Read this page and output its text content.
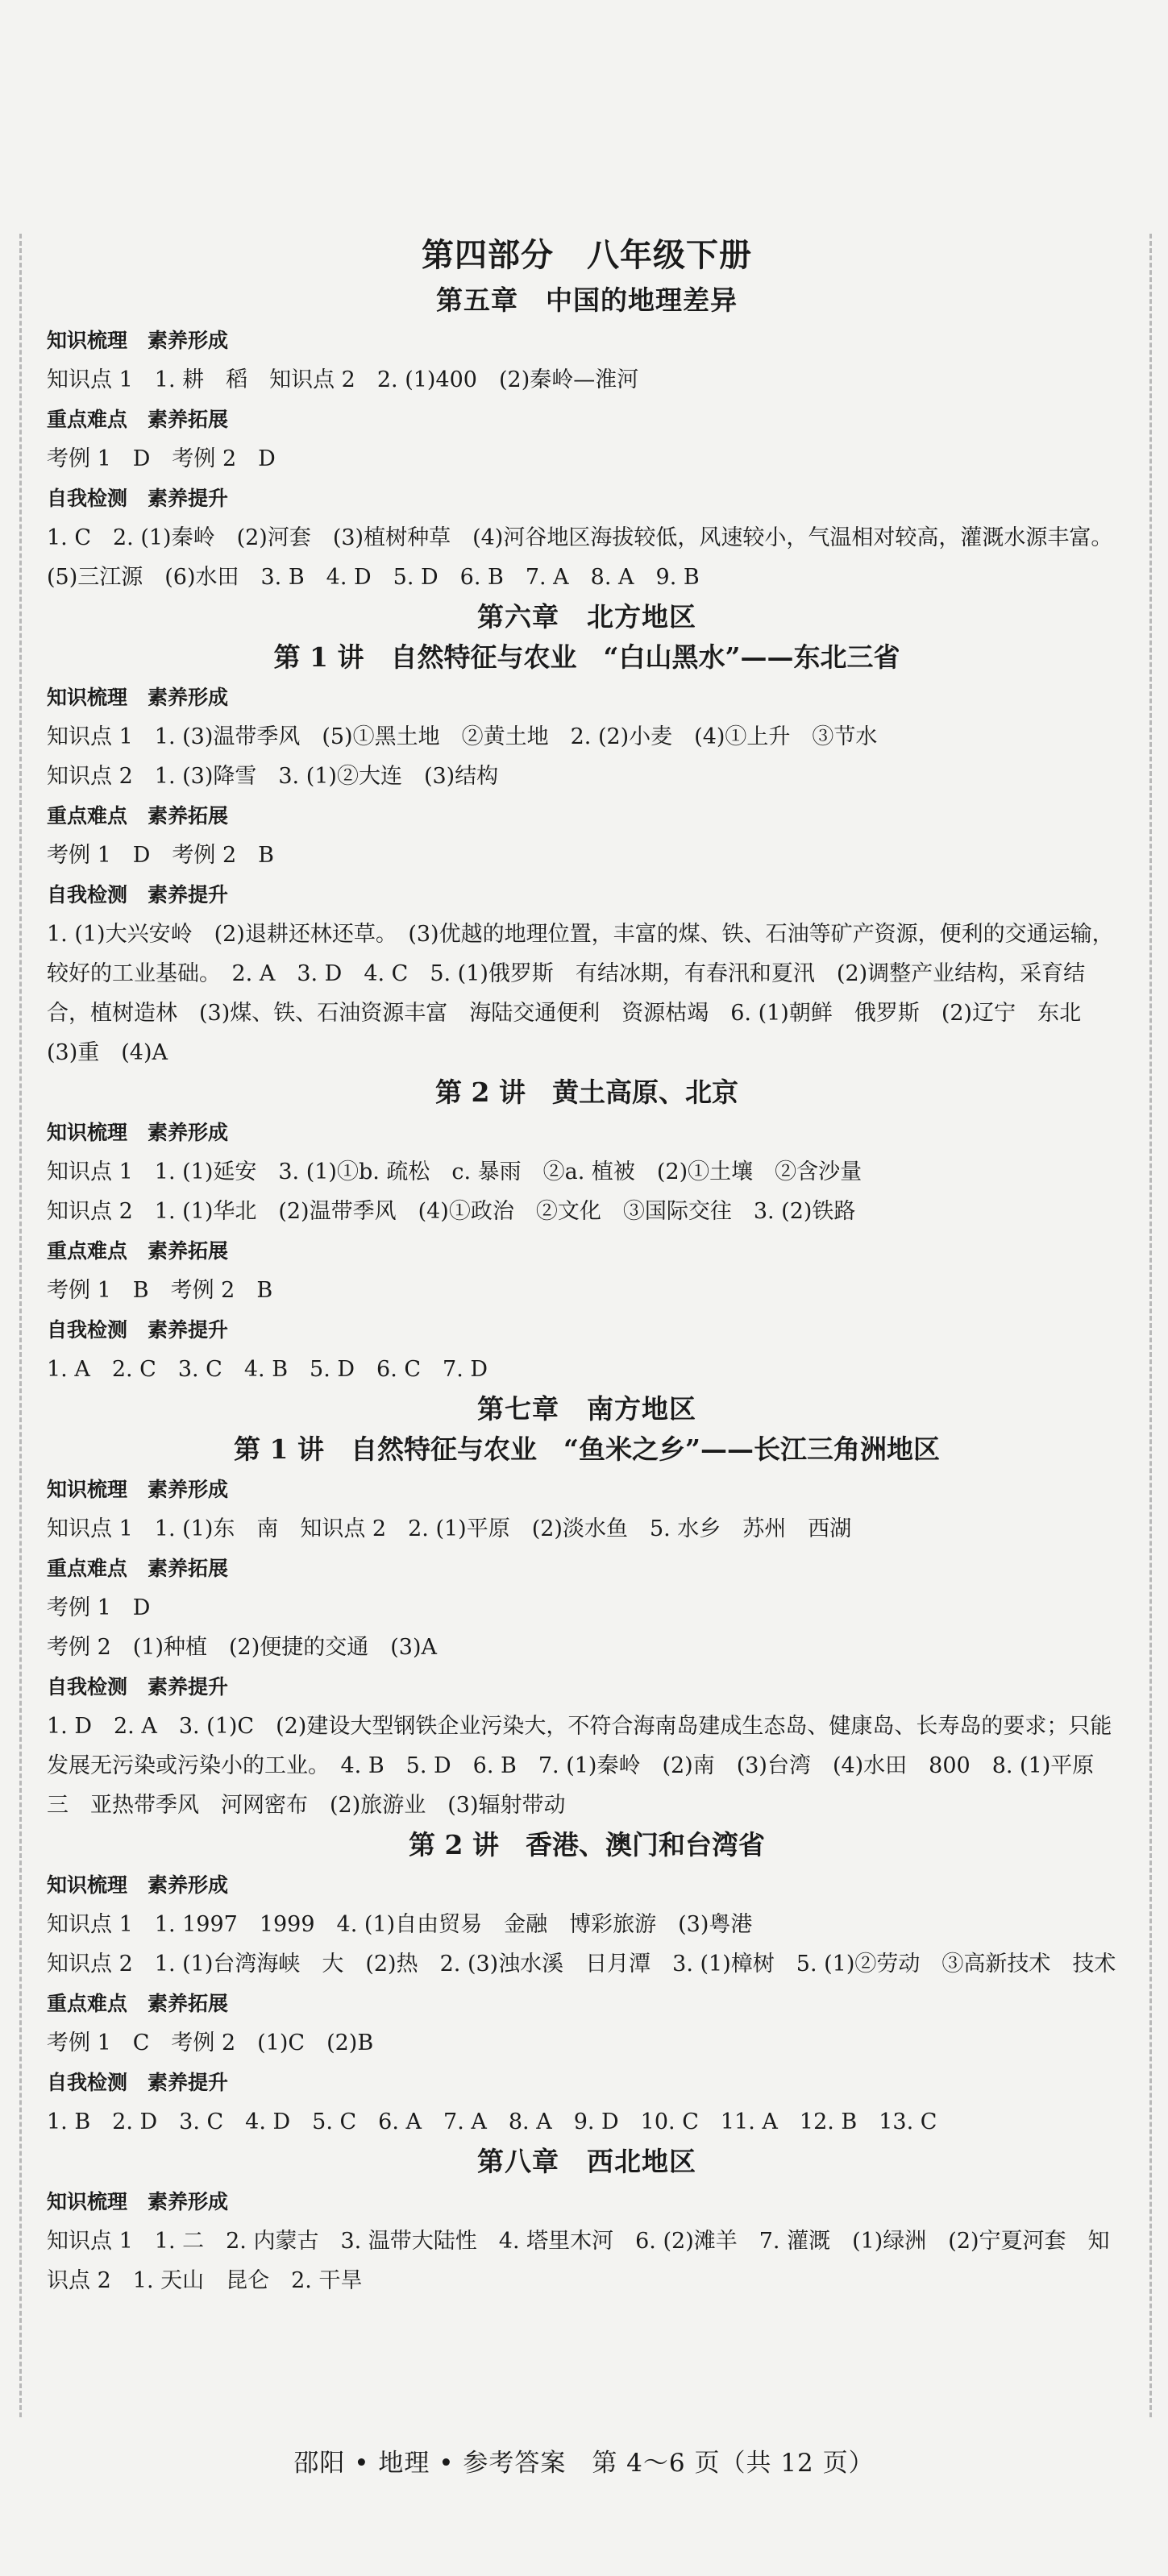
第四部分　八年级下册
第五章　中国的地理差异
知识梳理　素养形成
知识点 1　1. 耕　稻　知识点 2　2. (1)400　(2)秦岭—淮河
重点难点　素养拓展
考例 1　D　考例 2　D
自我检测　素养提升
1. C　2. (1)秦岭　(2)河套　(3)植树种草　(4)河谷地区海拔较低，风速较小，气温相对较高，灌溉水源丰富。　(5)三江源　(6)水田　3. B　4. D　5. D　6. B　7. A　8. A　9. B
第六章　北方地区
第 1 讲　自然特征与农业　“白山黑水”——东北三省
知识梳理　素养形成
知识点 1　1. (3)温带季风　(5)①黑土地　②黄土地　2. (2)小麦　(4)①上升　③节水
知识点 2　1. (3)降雪　3. (1)②大连　(3)结构
重点难点　素养拓展
考例 1　D　考例 2　B
自我检测　素养提升
1. (1)大兴安岭　(2)退耕还林还草。　(3)优越的地理位置，丰富的煤、铁、石油等矿产资源，便利的交通运输，较好的工业基础。　2. A　3. D　4. C　5. (1)俄罗斯　有结冰期，有春汛和夏汛　(2)调整产业结构，采育结合，植树造林　(3)煤、铁、石油资源丰富　海陆交通便利　资源枯竭　6. (1)朝鲜　俄罗斯　(2)辽宁　东北　(3)重　(4)A
第 2 讲　黄土高原、北京
知识梳理　素养形成
知识点 1　1. (1)延安　3. (1)①b. 疏松　c. 暴雨　②a. 植被　(2)①土壤　②含沙量
知识点 2　1. (1)华北　(2)温带季风　(4)①政治　②文化　③国际交往　3. (2)铁路
重点难点　素养拓展
考例 1　B　考例 2　B
自我检测　素养提升
1. A　2. C　3. C　4. B　5. D　6. C　7. D
第七章　南方地区
第 1 讲　自然特征与农业　“鱼米之乡”——长江三角洲地区
知识梳理　素养形成
知识点 1　1. (1)东　南　知识点 2　2. (1)平原　(2)淡水鱼　5. 水乡　苏州　西湖
重点难点　素养拓展
考例 1　D
考例 2　(1)种植　(2)便捷的交通　(3)A
自我检测　素养提升
1. D　2. A　3. (1)C　(2)建设大型钢铁企业污染大，不符合海南岛建成生态岛、健康岛、长寿岛的要求；只能发展无污染或污染小的工业。　4. B　5. D　6. B　7. (1)秦岭　(2)南　(3)台湾　(4)水田　800　8. (1)平原　三　亚热带季风　河网密布　(2)旅游业　(3)辐射带动
第 2 讲　香港、澳门和台湾省
知识梳理　素养形成
知识点 1　1. 1997　1999　4. (1)自由贸易　金融　博彩旅游　(3)粤港
知识点 2　1. (1)台湾海峡　大　(2)热　2. (3)浊水溪　日月潭　3. (1)樟树　5. (1)②劳动　③高新技术　技术
重点难点　素养拓展
考例 1　C　考例 2　(1)C　(2)B
自我检测　素养提升
1. B　2. D　3. C　4. D　5. C　6. A　7. A　8. A　9. D　10. C　11. A　12. B　13. C
第八章　西北地区
知识梳理　素养形成
知识点 1　1. 二　2. 内蒙古　3. 温带大陆性　4. 塔里木河　6. (2)滩羊　7. 灌溉　(1)绿洲　(2)宁夏河套　知识点 2　1. 天山　昆仑　2. 干旱
邵阳 • 地理 • 参考答案　第 4～6 页（共 12 页）
